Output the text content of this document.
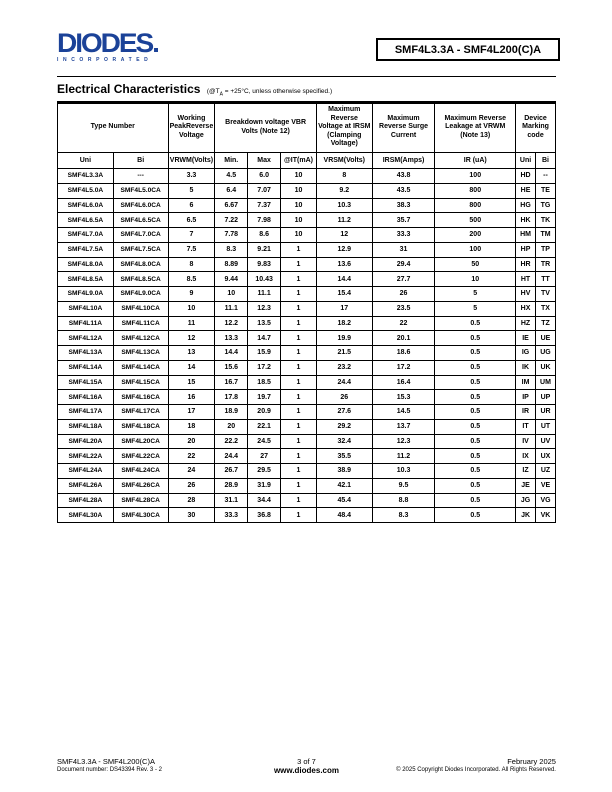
DIODES.
INCORPORATED
SMF4L3.3A - SMF4L200(C)A
Electrical Characteristics ($@T_A = +25^\circ C$, unless otherwise specified.)
Type Number		Working PeakReverse Voltage	Breakdown voltage VBR Volts (Note 12)			Maximum Reverse Voltage at IRSM (Clamping Voltage)	Maximum Reverse Surge Current	Maximum Reverse Leakage at VRWM (Note 13)	Device Marking code	
Uni	Bi	VRWM(Volts)	Min.	Max	@IT(mA)	VRSM(Volts)	IRSM(Amps)	IR (uA)	Uni	Bi
SMF4L3.3A	---	3.3	4.5	6.0	10	8	43.8	100	HD	--
SMF4L5.0A	SMF4L5.0CA	5	6.4	7.07	10	9.2	43.5	800	HE	TE
SMF4L6.0A	SMF4L6.0CA	6	6.67	7.37	10	10.3	38.3	800	HG	TG
SMF4L6.5A	SMF4L6.5CA	6.5	7.22	7.98	10	11.2	35.7	500	HK	TK
SMF4L7.0A	SMF4L7.0CA	7	7.78	8.6	10	12	33.3	200	HM	TM
SMF4L7.5A	SMF4L7.5CA	7.5	8.3	9.21	1	12.9	31	100	HP	TP
SMF4L8.0A	SMF4L8.0CA	8	8.89	9.83	1	13.6	29.4	50	HR	TR
SMF4L8.5A	SMF4L8.5CA	8.5	9.44	10.43	1	14.4	27.7	10	HT	TT
SMF4L9.0A	SMF4L9.0CA	9	10	11.1	1	15.4	26	5	HV	TV
SMF4L10A	SMF4L10CA	10	11.1	12.3	1	17	23.5	5	HX	TX
SMF4L11A	SMF4L11CA	11	12.2	13.5	1	18.2	22	0.5	HZ	TZ
SMF4L12A	SMF4L12CA	12	13.3	14.7	1	19.9	20.1	0.5	IE	UE
SMF4L13A	SMF4L13CA	13	14.4	15.9	1	21.5	18.6	0.5	IG	UG
SMF4L14A	SMF4L14CA	14	15.6	17.2	1	23.2	17.2	0.5	IK	UK
SMF4L15A	SMF4L15CA	15	16.7	18.5	1	24.4	16.4	0.5	IM	UM
SMF4L16A	SMF4L16CA	16	17.8	19.7	1	26	15.3	0.5	IP	UP
SMF4L17A	SMF4L17CA	17	18.9	20.9	1	27.6	14.5	0.5	IR	UR
SMF4L18A	SMF4L18CA	18	20	22.1	1	29.2	13.7	0.5	IT	UT
SMF4L20A	SMF4L20CA	20	22.2	24.5	1	32.4	12.3	0.5	IV	UV
SMF4L22A	SMF4L22CA	22	24.4	27	1	35.5	11.2	0.5	IX	UX
SMF4L24A	SMF4L24CA	24	26.7	29.5	1	38.9	10.3	0.5	IZ	UZ
SMF4L26A	SMF4L26CA	26	28.9	31.9	1	42.1	9.5	0.5	JE	VE
SMF4L28A	SMF4L28CA	28	31.1	34.4	1	45.4	8.8	0.5	JG	VG
SMF4L30A	SMF4L30CA	30	33.3	36.8	1	48.4	8.3	0.5	JK	VK
SMF4L3.3A - SMF4L200(C)A
Document number: DS43394 Rev. 3 - 2
3 of 7
www.diodes.com
February 2025
© 2025 Copyright Diodes Incorporated. All Rights Reserved.
